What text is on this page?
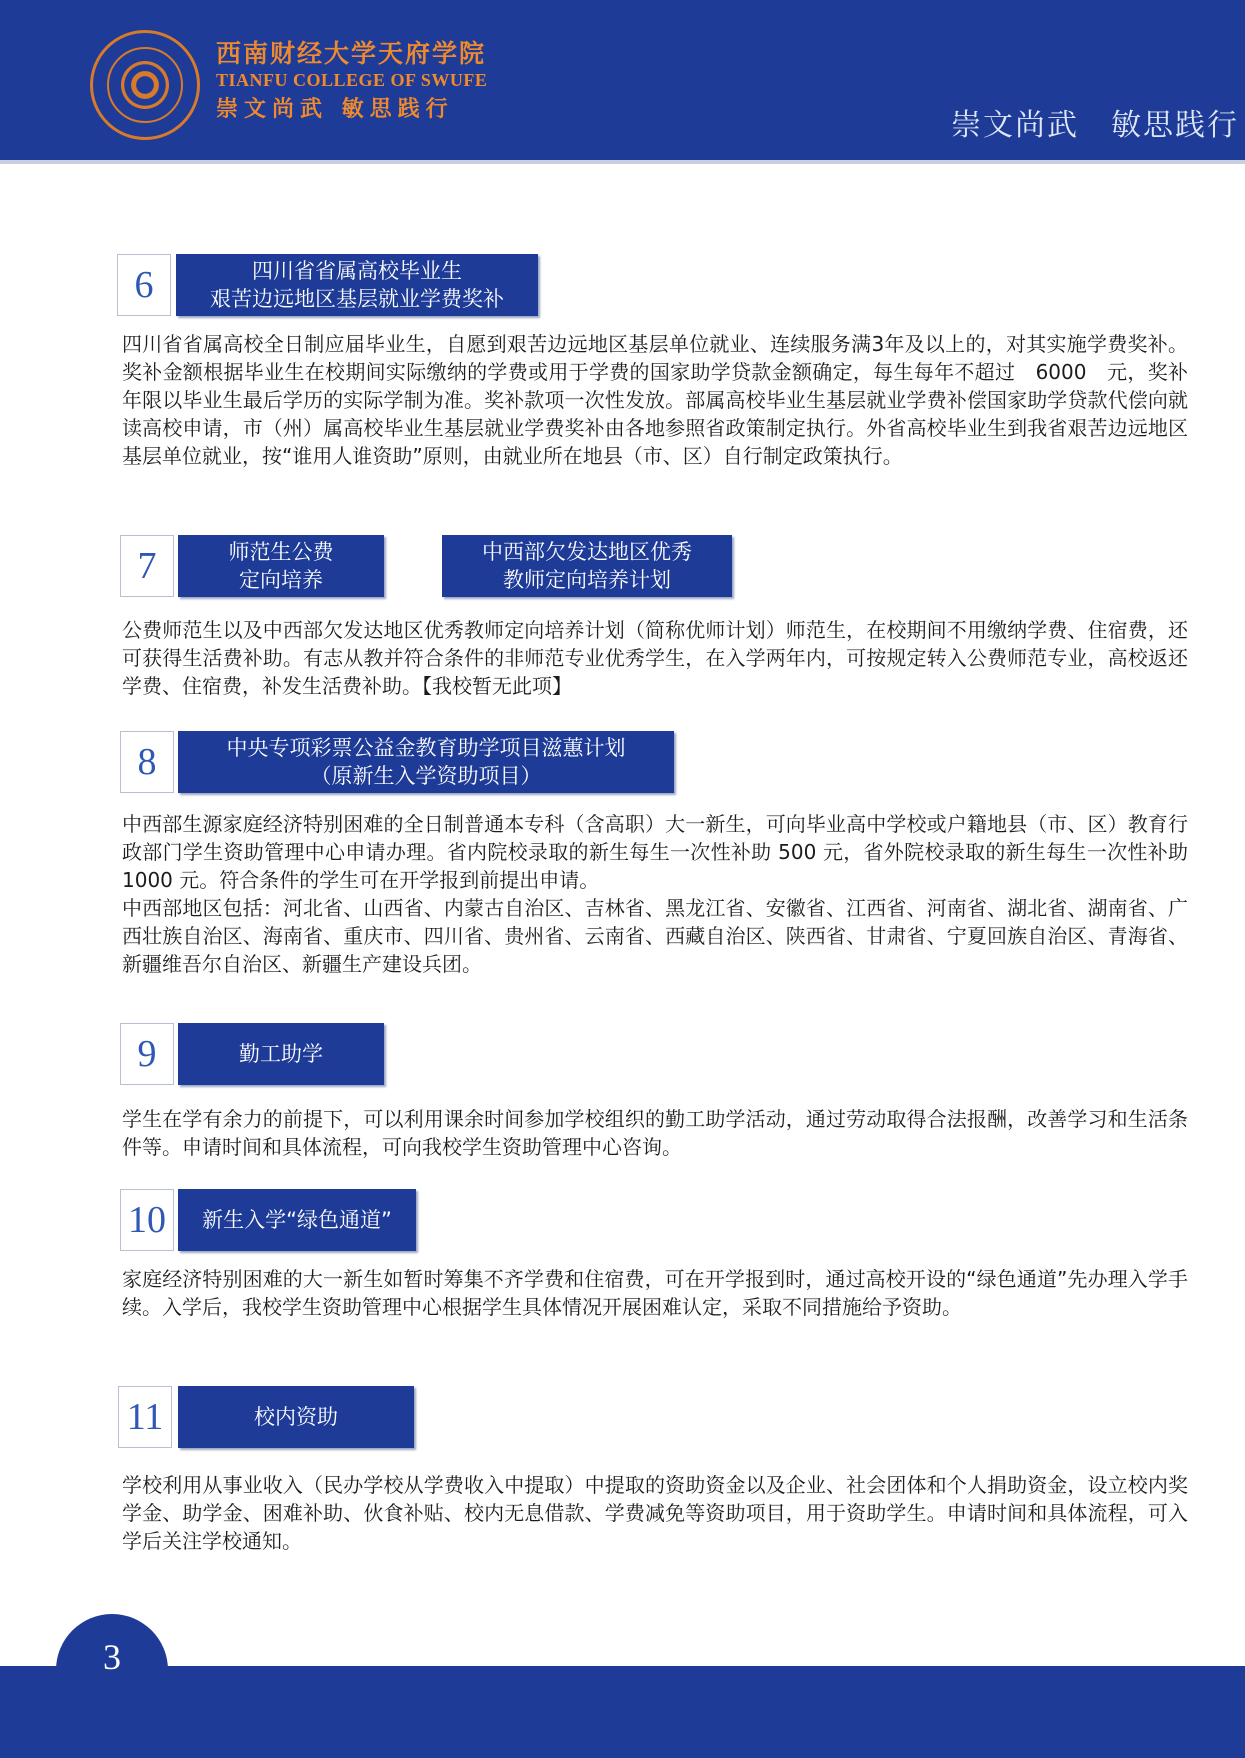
西南财经大学天府学院
TIANFU COLLEGE OF SWUFE
崇文尚武 敏思践行	崇文尚武　敏思践行
6	四川省省属高校毕业生
艰苦边远地区基层就业学费奖补
四川省省属高校全日制应届毕业生，自愿到艰苦边远地区基层单位就业、连续服务满3年及以上的，对其实施学费奖补。奖补金额根据毕业生在校期间实际缴纳的学费或用于学费的国家助学贷款金额确定，每生每年不超过　6000　元，奖补年限以毕业生最后学历的实际学制为准。奖补款项一次性发放。部属高校毕业生基层就业学费补偿国家助学贷款代偿向就读高校申请，市（州）属高校毕业生基层就业学费奖补由各地参照省政策制定执行。外省高校毕业生到我省艰苦边远地区基层单位就业，按“谁用人谁资助”原则，由就业所在地县（市、区）自行制定政策执行。
7	师范生公费
定向培养
中西部欠发达地区优秀
教师定向培养计划
公费师范生以及中西部欠发达地区优秀教师定向培养计划（简称优师计划）师范生，在校期间不用缴纳学费、住宿费，还可获得生活费补助。有志从教并符合条件的非师范专业优秀学生，在入学两年内，可按规定转入公费师范专业，高校返还学费、住宿费，补发生活费补助。【我校暂无此项】
8	中央专项彩票公益金教育助学项目滋蕙计划
（原新生入学资助项目）
中西部生源家庭经济特别困难的全日制普通本专科（含高职）大一新生，可向毕业高中学校或户籍地县（市、区）教育行政部门学生资助管理中心申请办理。省内院校录取的新生每生一次性补助 500 元，省外院校录取的新生每生一次性补助 1000 元。符合条件的学生可在开学报到前提出申请。
中西部地区包括：河北省、山西省、内蒙古自治区、吉林省、黑龙江省、安徽省、江西省、河南省、湖北省、湖南省、广西壮族自治区、海南省、重庆市、四川省、贵州省、云南省、西藏自治区、陕西省、甘肃省、宁夏回族自治区、青海省、新疆维吾尔自治区、新疆生产建设兵团。
9	勤工助学
学生在学有余力的前提下，可以利用课余时间参加学校组织的勤工助学活动，通过劳动取得合法报酬，改善学习和生活条件等。申请时间和具体流程，可向我校学生资助管理中心咨询。
10	新生入学“绿色通道”
家庭经济特别困难的大一新生如暂时筹集不齐学费和住宿费，可在开学报到时，通过高校开设的“绿色通道”先办理入学手续。入学后，我校学生资助管理中心根据学生具体情况开展困难认定，采取不同措施给予资助。
11	校内资助
学校利用从事业收入（民办学校从学费收入中提取）中提取的资助资金以及企业、社会团体和个人捐助资金，设立校内奖学金、助学金、困难补助、伙食补贴、校内无息借款、学费减免等资助项目，用于资助学生。申请时间和具体流程，可入学后关注学校通知。
3
